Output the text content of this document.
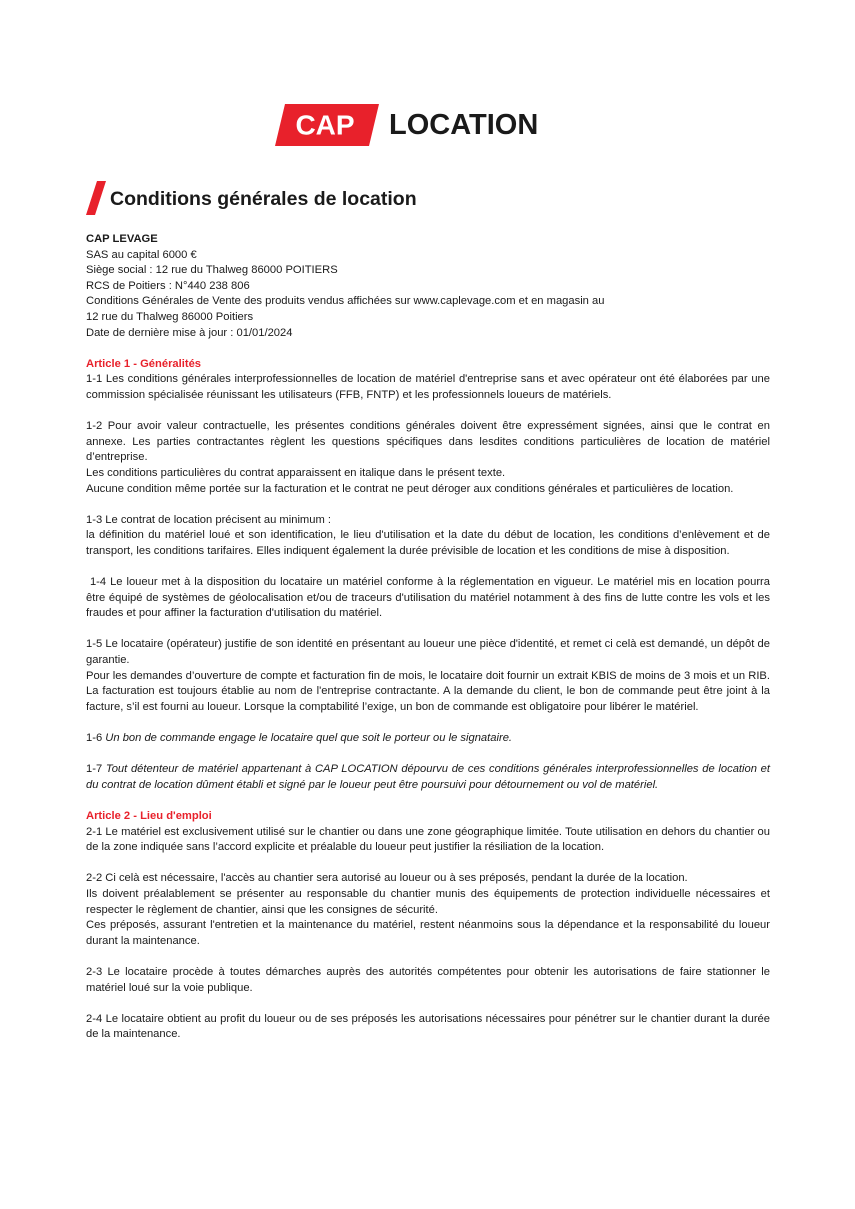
CAP LOCATION
Conditions générales de location

CAP LEVAGE

SAS au capital 6000 €

Siège social : 12 rue du Thalweg 86000 POITIERS

RCS de Poitiers : N°440 238 806

Conditions Générales de Vente des produits vendus affichées sur www.caplevage.com et en magasin au

12 rue du Thalweg 86000 Poitiers

Date de dernière mise à jour : 01/01/2024

Article 1 - Généralités

1-1 Les conditions générales interprofessionnelles de location de matériel d'entreprise sans et avec opérateur ont été élaborées par une commission spécialisée réunissant les utilisateurs (FFB, FNTP) et les professionnels loueurs de matériels.

1-2 Pour avoir valeur contractuelle, les présentes conditions générales doivent être expressément signées, ainsi que le contrat en annexe. Les parties contractantes règlent les questions spécifiques dans lesdites conditions particulières de location de matériel d’entreprise.

Les conditions particulières du contrat apparaissent en italique dans le présent texte.

Aucune condition même portée sur la facturation et le contrat ne peut déroger aux conditions générales et particulières de location.

1-3 Le contrat de location précisent au minimum :

la définition du matériel loué et son identification, le lieu d'utilisation et la date du début de location, les conditions d’enlèvement et de transport, les conditions tarifaires. Elles indiquent également la durée prévisible de location et les conditions de mise à disposition.

1-4 Le loueur met à la disposition du locataire un matériel conforme à la réglementation en vigueur. Le matériel mis en location pourra être équipé de systèmes de géolocalisation et/ou de traceurs d'utilisation du matériel notamment à des fins de lutte contre les vols et les fraudes et pour affiner la facturation d'utilisation du matériel.

1-5 Le locataire (opérateur) justifie de son identité en présentant au loueur une pièce d'identité, et remet ci celà est demandé, un dépôt de garantie.

Pour les demandes d’ouverture de compte et facturation fin de mois, le locataire doit fournir un extrait KBIS de moins de 3 mois et un RIB. La facturation est toujours établie au nom de l'entreprise contractante. A la demande du client, le bon de commande peut être joint à la facture, s’il est fourni au loueur. Lorsque la comptabilité l’exige, un bon de commande est obligatoire pour libérer le matériel.

1-6 Un bon de commande engage le locataire quel que soit le porteur ou le signataire.

1-7 Tout détenteur de matériel appartenant à CAP LOCATION dépourvu de ces conditions générales interprofessionnelles de location et du contrat de location dûment établi et signé par le loueur peut être poursuivi pour détournement ou vol de matériel.

Article 2 - Lieu d'emploi

2-1 Le matériel est exclusivement utilisé sur le chantier ou dans une zone géographique limitée. Toute utilisation en dehors du chantier ou de la zone indiquée sans l’accord explicite et préalable du loueur peut justifier la résiliation de la location.

2-2 Ci celà est nécessaire, l'accès au chantier sera autorisé au loueur ou à ses préposés, pendant la durée de la location.

Ils doivent préalablement se présenter au responsable du chantier munis des équipements de protection individuelle nécessaires et respecter le règlement de chantier, ainsi que les consignes de sécurité.

Ces préposés, assurant l'entretien et la maintenance du matériel, restent néanmoins sous la dépendance et la responsabilité du loueur durant la maintenance.

2-3 Le locataire procède à toutes démarches auprès des autorités compétentes pour obtenir les autorisations de faire stationner le matériel loué sur la voie publique.

2-4 Le locataire obtient au profit du loueur ou de ses préposés les autorisations nécessaires pour pénétrer sur le chantier durant la durée de la maintenance.
